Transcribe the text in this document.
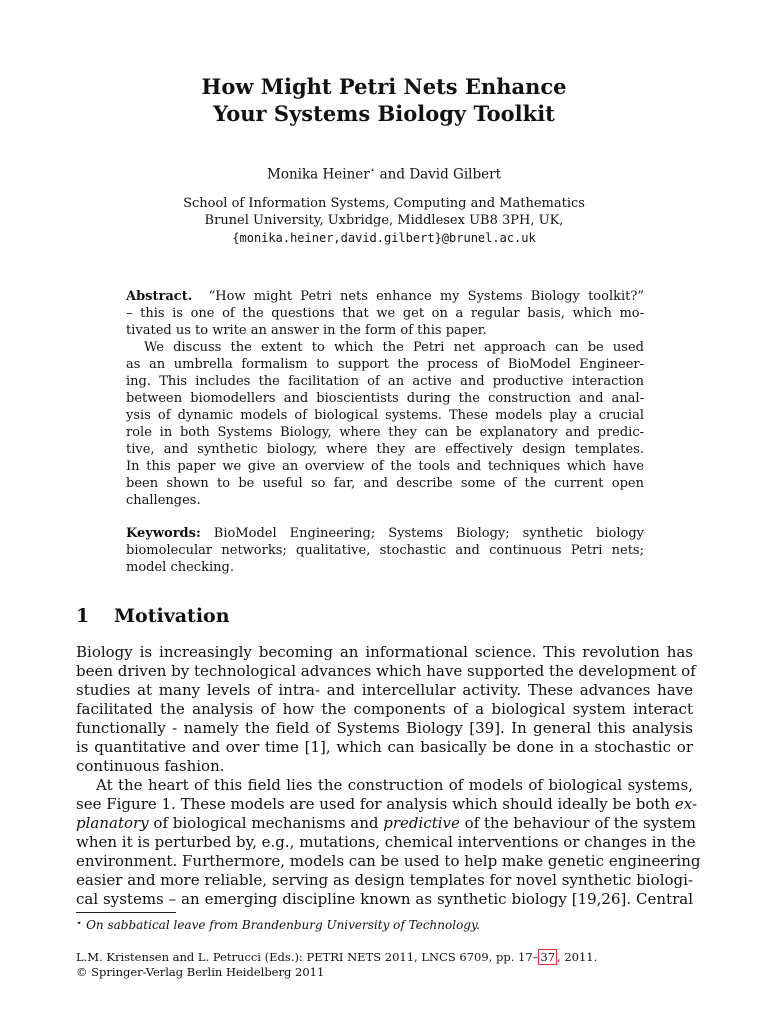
How Might Petri Nets Enhance
Your Systems Biology Toolkit
Monika Heiner⋆ and David Gilbert
School of Information Systems, Computing and Mathematics
Brunel University, Uxbridge, Middlesex UB8 3PH, UK,
{monika.heiner,david.gilbert}@brunel.ac.uk
Abstract. “How might Petri nets enhance my Systems Biology toolkit?”
– this is one of the questions that we get on a regular basis, which mo-
tivated us to write an answer in the form of this paper.
We discuss the extent to which the Petri net approach can be used
as an umbrella formalism to support the process of BioModel Engineer-
ing. This includes the facilitation of an active and productive interaction
between biomodellers and bioscientists during the construction and anal-
ysis of dynamic models of biological systems. These models play a crucial
role in both Systems Biology, where they can be explanatory and predic-
tive, and synthetic biology, where they are effectively design templates.
In this paper we give an overview of the tools and techniques which have
been shown to be useful so far, and describe some of the current open
challenges.
Keywords: BioModel Engineering; Systems Biology; synthetic biology
biomolecular networks; qualitative, stochastic and continuous Petri nets;
model checking.
1 Motivation
Biology is increasingly becoming an informational science. This revolution has
been driven by technological advances which have supported the development of
studies at many levels of intra- and intercellular activity. These advances have
facilitated the analysis of how the components of a biological system interact
functionally - namely the field of Systems Biology [39]. In general this analysis
is quantitative and over time [1], which can basically be done in a stochastic or
continuous fashion.
At the heart of this field lies the construction of models of biological systems,
see Figure 1. These models are used for analysis which should ideally be both ex-
planatory of biological mechanisms and predictive of the behaviour of the system
when it is perturbed by, e.g., mutations, chemical interventions or changes in the
environment. Furthermore, models can be used to help make genetic engineering
easier and more reliable, serving as design templates for novel synthetic biologi-
cal systems – an emerging discipline known as synthetic biology [19,26]. Central
⋆ On sabbatical leave from Brandenburg University of Technology.
L.M. Kristensen and L. Petrucci (Eds.): PETRI NETS 2011, LNCS 6709, pp. 17– 37 , 2011.
© Springer-Verlag Berlin Heidelberg 2011
